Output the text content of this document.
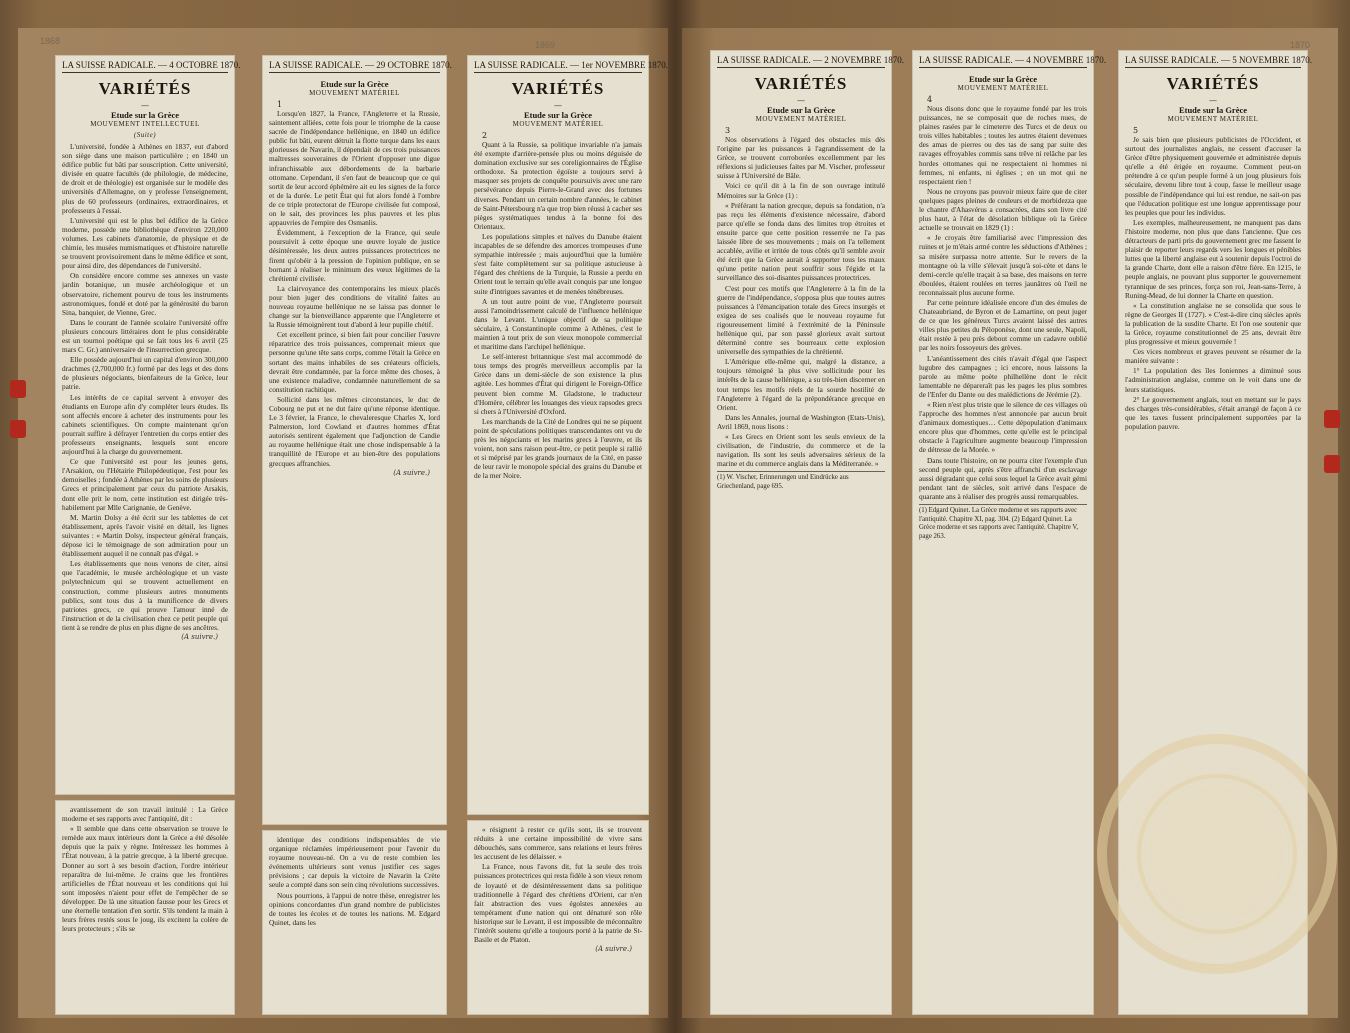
1868	1869	1870
LA SUISSE RADICALE. — 4 OCTOBRE 1870.
VARIÉTÉS
—
Etude sur la Grèce
MOUVEMENT INTELLECTUEL
(Suite)

L'université, fondée à Athènes en 1837, eut d'abord son siège dans une maison particulière ; en 1840 un édifice public fut bâti par souscription. Cette université, divisée en quatre facultés (de philologie, de médecine, de droit et de théologie) est organisée sur le modèle des universités d'Allemagne, on y professe l'enseignement, plus de 60 professeurs (ordinaires, extraordinaires, et professeurs à l'essai.

L'université qui est le plus bel édifice de la Grèce moderne, possède une bibliothèque d'environ 220,000 volumes. Les cabinets d'anatomie, de physique et de chimie, les musées numismatiques et d'histoire naturelle se trouvent provisoirement dans le même édifice et sont, pour ainsi dire, des dépendances de l'université.

On considère encore comme ses annexes un vaste jardin botanique, un musée archéologique et un observatoire, richement pourvu de tous les instruments astronomiques, fondé et doté par la générosité du baron Sina, banquier, de Vienne, Grec.

Dans le courant de l'année scolaire l'université offre plusieurs concours littéraires dont le plus considérable est un tournoi poétique qui se fait tous les 6 avril (25 mars C. Gr.) anniversaire de l'insurrection grecque.

Elle possède aujourd'hui un capital d'environ 300,000 drachmes (2,700,000 fr.) formé par des legs et des dons de plusieurs négociants, bienfaiteurs de la Grèce, leur patrie.

Les intérêts de ce capital servent à envoyer des étudiants en Europe afin d'y compléter leurs études. Ils sont affectés encore à acheter des instruments pour les cabinets scientifiques. On compte maintenant qu'on pourrait suffire à défrayer l'entretien du corps entier des professeurs enseignants, lesquels sont encore aujourd'hui à la charge du gouvernement.

Ce que l'université est pour les jeunes gens, l'Arsakion, ou l'Hétairie Philopédeutique, l'est pour les demoiselles ; fondée à Athènes par les soins de plusieurs Grecs et principalement par ceux du patriote Arsakis, dont elle prit le nom, cette institution est dirigée très-habilement par Mlle Carignanie, de Genève.

M. Martin Dolsy a été écrit sur les tablettes de cet établissement, après l'avoir visité en détail, les lignes suivantes : « Martin Dolsy, inspecteur général français, dépose ici le témoignage de son admiration pour un établissement auquel il ne connaît pas d'égal. »

Les établissements que nous venons de citer, ainsi que l'académie, le musée archéologique et un vaste polytechnicum qui se trouvent actuellement en construction, comme plusieurs autres monuments publics, sont tous dus à la munificence de divers patriotes grecs, ce qui prouve l'amour inné de l'instruction et de la civilisation chez ce petit peuple qui tient à se rendre de plus en plus digne de ses ancêtres.

(A suivre.)

avantissement de son travail intitulé : La Grèce moderne et ses rapports avec l'antiquité, dit :

« Il semble que dans cette observation se trouve le remède aux maux intérieurs dont la Grèce a été désolée depuis que la paix y règne. Intéressez les hommes à l'État nouveau, à la patrie grecque, à la liberté grecque. Donner au sort à ses besoin d'action, l'ordre intérieur reparaîtra de lui-même. Je crains que les frontières artificielles de l'État nouveau et les conditions qui lui sont imposées n'aient pour effet de l'empêcher de se développer. De là une situation fausse pour les Grecs et une éternelle tentation d'en sortir. S'ils tendent la main à leurs frères restés sous le joug, ils excitent la colère de leurs protecteurs ; s'ils se

LA SUISSE RADICALE. — 29 OCTOBRE 1870.
Etude sur la Grèce
MOUVEMENT MATÉRIEL
1

Lorsqu'en 1827, la France, l'Angleterre et la Russie, saintement alliées, cette fois pour le triomphe de la cause sacrée de l'indépendance hellénique, en 1840 un édifice public fut bâti, eurent détruit la flotte turque dans les eaux glorieuses de Navarin, il dépendait de ces trois puissances maîtresses souveraines de l'Orient d'opposer une digue infranchissable aux débordements de la barbarie ottomane. Cependant, il s'en faut de beaucoup que ce qui sortit de leur accord éphémère ait eu les signes de la force et de la durée. Le petit État qui fut alors fondé à l'ombre de ce triple protectorat de l'Europe civilisée fut composé, on le sait, des provinces les plus pauvres et les plus appauvries de l'empire des Osmanlis.

Évidemment, à l'exception de la France, qui seule poursuivit à cette époque une œuvre loyale de justice désintéressée, les deux autres puissances protectrices ne firent qu'obéir à la pression de l'opinion publique, en se bornant à réaliser le minimum des vœux légitimes de la chrétienté civilisée.

La clairvoyance des contemporains les mieux placés pour bien juger des conditions de vitalité faites au nouveau royaume hellénique ne se laissa pas donner le change sur la bienveillance apparente que l'Angleterre et la Russie témoignèrent tout d'abord à leur pupille chétif.

Cet excellent prince, si bien fait pour concilier l'œuvre réparatrice des trois puissances, comprenait mieux que personne qu'une tête sans corps, comme l'était la Grèce en sortant des mains inhabiles de ses créateurs officiels, devrait être condamnée, par la force même des choses, à une existence maladive, condamnée naturellement de sa constitution rachitique.

Sollicité dans les mêmes circonstances, le duc de Cobourg ne put et ne dut faire qu'une réponse identique. Le 3 février, la France, le chevaleresque Charles X, lord Palmerston, lord Cowland et d'autres hommes d'État autorisés sentirent également que l'adjonction de Candie au royaume hellénique était une chose indispensable à la tranquillité de l'Europe et au bien-être des populations grecques affranchies.

(A suivre.)

identique des conditions indispensables de vie organique réclamées impérieusement pour l'avenir du royaume nouveau-né. On a vu de reste combien les événements ultérieurs sont venus justifier ces sages prévisions ; car depuis la victoire de Navarin la Crète seule a compté dans son sein cinq révolutions successives.

Nous pourrions, à l'appui de notre thèse, enregistrer les opinions concordantes d'un grand nombre de publicistes de toutes les écoles et de toutes les nations. M. Edgard Quinet, dans les

LA SUISSE RADICALE. — 1er NOVEMBRE 1870.
VARIÉTÉS
—
Etude sur la Grèce
MOUVEMENT MATÉRIEL
2

Quant à la Russie, sa politique invariable n'a jamais été exempte d'arrière-pensée plus ou moins déguisée de domination exclusive sur ses coreligionnaires de l'Église orthodoxe. Sa protection égoïste a toujours servi à masquer ses projets de conquête poursuivis avec une rare persévérance depuis Pierre-le-Grand avec des fortunes diverses. Pendant un certain nombre d'années, le cabinet de Saint-Pétersbourg n'a que trop bien réussi à cacher ses pièges systématiques tendus à la bonne foi des Orientaux.

Les populations simples et naïves du Danube étaient incapables de se défendre des amorces trompeuses d'une sympathie intéressée ; mais aujourd'hui que la lumière s'est faite complètement sur sa politique astucieuse à l'égard des chrétiens de la Turquie, la Russie a perdu en Orient tout le terrain qu'elle avait conquis par une longue suite d'intrigues savantes et de menées ténébreuses.

A un tout autre point de vue, l'Angleterre poursuit aussi l'amoindrissement calculé de l'influence hellénique dans le Levant. L'unique objectif de sa politique séculaire, à Constantinople comme à Athènes, c'est le maintien à tout prix de son vieux monopole commercial et maritime dans l'archipel hellénique.

Le self-interest britannique s'est mal accommodé de tous temps des progrès merveilleux accomplis par la Grèce dans un demi-siècle de son existence la plus agitée. Les hommes d'État qui dirigent le Foreign-Office peuvent bien comme M. Gladstone, le traducteur d'Homère, célébrer les louanges des vieux rapsodes grecs si chers à l'Université d'Oxford.

Les marchands de la Cité de Londres qui ne se piquent point de spéculations politiques transcendantes ont vu de près les négociants et les marins grecs à l'œuvre, et ils voient, non sans raison peut-être, ce petit peuple si rallié et si méprisé par les grands journaux de la Cité, en passe de leur ravir le monopole spécial des grains du Danube et de la mer Noire.

« résignent à rester ce qu'ils sont, ils se trouvent réduits à une certaine impossibilité de vivre sans débouchés, sans commerce, sans relations et leurs frères les accusent de les délaisser. »

La France, nous l'avons dit, fut la seule des trois puissances protectrices qui resta fidèle à son vieux renom de loyauté et de désintéressement dans sa politique traditionnelle à l'égard des chrétiens d'Orient, car n'en fait abstraction des vues égoïstes annexées au tempérament d'une nation qui ont dénaturé son rôle historique sur le Levant, il est impossible de méconnaître l'intérêt soutenu qu'elle a toujours porté à la patrie de St-Basile et de Platon.

(A suivre.)
LA SUISSE RADICALE. — 2 NOVEMBRE 1870.
VARIÉTÉS
—
Etude sur la Grèce
MOUVEMENT MATÉRIEL
3

Nos observations à l'égard des obstacles mis dès l'origine par les puissances à l'agrandissement de la Grèce, se trouvent corroborées excellemment par les réflexions si judicieuses faites par M. Vischer, professeur suisse à l'Université de Bâle.

Voici ce qu'il dit à la fin de son ouvrage intitulé Mémoires sur la Grèce (1) :

« Préférant la nation grecque, depuis sa fondation, n'a pas reçu les éléments d'existence nécessaire, d'abord parce qu'elle se fonda dans des limites trop étroites et ensuite parce que cette position resserrée ne l'a pas laissée libre de ses mouvements ; mais on l'a tellement accablée, avilie et irritée de tous côtés qu'il semble avoir été écrit que la Grèce aurait à supporter tous les maux qu'une petite nation peut souffrir sous l'égide et la surveillance des soi-disantes puissances protectrices.

C'est pour ces motifs que l'Angleterre à la fin de la guerre de l'indépendance, s'opposa plus que toutes autres puissances à l'émancipation totale des Grecs insurgés et exigea de ses coalisés que le nouveau royaume fut rigoureusement limité à l'extrémité de la Péninsule hellénique qui, par son passé glorieux avait surtout déterminé contre ses bourreaux cette explosion universelle des sympathies de la chrétienté.

L'Amérique elle-même qui, malgré la distance, a toujours témoigné la plus vive sollicitude pour les intérêts de la cause hellénique, a su très-bien discerner en tout temps les motifs réels de la sourde hostilité de l'Angleterre à l'égard de la prépondérance grecque en Orient.

Dans les Annales, journal de Washington (Etats-Unis), Avril 1869, nous lisons :

« Les Grecs en Orient sont les seuls envieux de la civilisation, de l'industrie, du commerce et de la navigation. Ils sont les seuls adversaires sérieux de la marine et du commerce anglais dans la Méditerranée. »

(1) W. Vischer, Erinnerungen und Eindrücke aus Griechenland, page 695.
LA SUISSE RADICALE. — 4 NOVEMBRE 1870.
Etude sur la Grèce
MOUVEMENT MATÉRIEL
4

Nous disons donc que le royaume fondé par les trois puissances, ne se composait que de roches nues, de plaines rasées par le cimeterre des Turcs et de deux ou trois villes habitables ; toutes les autres étaient devenues des amas de pierres ou des tas de sang par suite des ravages effroyables commis sans trêve ni relâche par les hordes ottomanes qui ne respectaient ni hommes ni femmes, ni enfants, ni églises ; en un mot qui ne respectaient rien !

Nous ne croyons pas pouvoir mieux faire que de citer quelques pages pleines de couleurs et de morbidezza que le chantre d'Ahasvérus a consacrées, dans son livre cité plus haut, à l'état de désolation biblique où la Grèce actuelle se trouvait en 1829 (1) :

« Je croyais être familiarisé avec l'impression des ruines et je m'étais armé contre les séductions d'Athènes ; sa misère surpassa notre attente. Sur le revers de la montagne où la ville s'élevait jusqu'à soi-cète et dans le demi-cercle qu'elle traçait à sa base, des maisons en terre éboulées, étaient roulées en terres jaunâtres où l'œil ne reconnaissait plus aucune forme.

Par cette peinture idéalisée encore d'un des émules de Chateaubriand, de Byron et de Lamartine, on peut juger de ce que les généreux Turcs avaient laissé des autres villes plus petites du Péloponèse, dont une seule, Napoli, était restée à peu près debout comme un cadavre oublié par les noirs fossoyeurs des grèves.

L'anéantissement des cités n'avait d'égal que l'aspect lugubre des campagnes ; ici encore, nous laissons la parole au même poète philhellène dont le récit lamentable ne dépareraît pas les pages les plus sombres de l'Enfer du Dante ou des malédictions de Jérémie (2).

« Rien n'est plus triste que le silence de ces villages où l'approche des hommes n'est annoncée par aucun bruit d'animaux domestiques… Cette dépopulation d'animaux encore plus que d'hommes, cette qu'elle est le principal obstacle à l'agriculture augmente beaucoup l'impression de détresse de la Morée. »

Dans toute l'histoire, on ne pourra citer l'exemple d'un second peuple qui, après s'être affranchi d'un esclavage aussi dégradant que celui sous lequel la Grèce avait gémi pendant tant de siècles, soit arrivé dans l'espace de quarante ans à réaliser des progrès aussi remarquables.

(1) Edgard Quinet. La Grèce moderne et ses rapports avec l'antiquité. Chapitre XI, pag. 304. (2) Edgard Quinet. La Grèce moderne et ses rapports avec l'antiquité. Chapitre V, page 263.
LA SUISSE RADICALE. — 5 NOVEMBRE 1870.
VARIÉTÉS
—
Etude sur la Grèce
MOUVEMENT MATÉRIEL
5

Je sais bien que plusieurs publicistes de l'Occident, et surtout des journalistes anglais, ne cessent d'accuser la Grèce d'être physiquement gouvernée et administrée depuis qu'elle a été érigée en royaume. Comment peut-on prétendre à ce qu'un peuple formé à un joug plusieurs fois séculaire, devenu libre tout à coup, fasse le meilleur usage possible de l'indépendance qui lui est rendue, ne sait-on pas que l'éducation politique est une longue apprentissage pour les peuples que pour les individus.

Les exemples, malheureusement, ne manquent pas dans l'histoire moderne, non plus que dans l'ancienne. Que ces détracteurs de parti pris du gouvernement grec me fassent le plaisir de reporter leurs regards vers les longues et pénibles luttes que la liberté anglaise eut à soutenir depuis l'octroi de la grande Charte, dont elle a raison d'être fière. En 1215, le peuple anglais, ne pouvant plus supporter le gouvernement tyrannique de ses princes, força son roi, Jean-sans-Terre, à Runing-Mead, de lui donner la Charte en question.

« La constitution anglaise ne se consolida que sous le règne de Georges II (1727). » C'est-à-dire cinq siècles après la publication de la susdite Charte. Et l'on ose soutenir que la Grèce, royaume constitutionnel de 25 ans, devrait être plus progressive et mieux gouvernée !

Ces vices nombreux et graves peuvent se résumer de la manière suivante :

1° La population des îles Ioniennes a diminué sous l'administration anglaise, comme on le voit dans une de leurs statistiques.

2° Le gouvernement anglais, tout en mettant sur le pays des charges très-considérables, s'était arrangé de façon à ce que les taxes fussent principalement supportées par la population pauvre.
